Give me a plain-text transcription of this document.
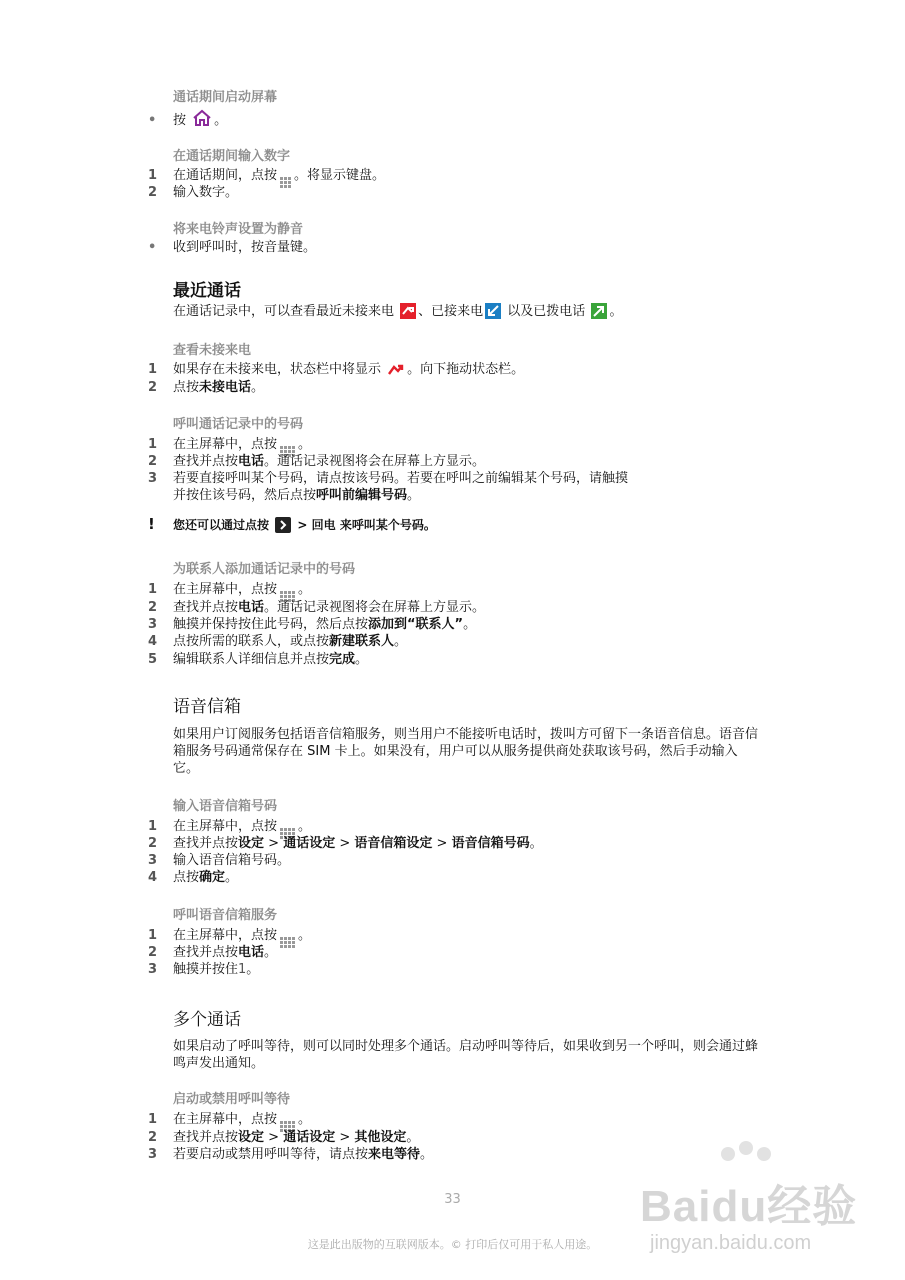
通话期间启动屏幕
• 按 。
在通话期间输入数字
1 在通话期间，点按 。将显示键盘。
2 输入数字。
将来电铃声设置为静音
• 收到呼叫时，按音量键。
最近通话
在通话记录中，可以查看最近未接来电 、已接来电 以及已拨电话 。
查看未接来电
1 如果存在未接来电，状态栏中将显示 。向下拖动状态栏。
2 点按未接电话。
呼叫通话记录中的号码
1 在主屏幕中，点按 。
2 查找并点按电话。通话记录视图将会在屏幕上方显示。
3 若要直接呼叫某个号码，请点按该号码。若要在呼叫之前编辑某个号码，请触摸
并按住该号码，然后点按呼叫前编辑号码。
! 您还可以通过点按  > 回电 来呼叫某个号码。
为联系人添加通话记录中的号码
1 在主屏幕中，点按 。
2 查找并点按电话。通话记录视图将会在屏幕上方显示。
3 触摸并保持按住此号码，然后点按添加到“联系人”。
4 点按所需的联系人，或点按新建联系人。
5 编辑联系人详细信息并点按完成。
语音信箱
如果用户订阅服务包括语音信箱服务，则当用户不能接听电话时，拨叫方可留下一条语音信息。语音信箱服务号码通常保存在 SIM 卡上。如果没有，用户可以从服务提供商处获取该号码，然后手动输入它。
输入语音信箱号码
1 在主屏幕中，点按 。
2 查找并点按设定 > 通话设定 > 语音信箱设定 > 语音信箱号码。
3 输入语音信箱号码。
4 点按确定。
呼叫语音信箱服务
1 在主屏幕中，点按 。
2 查找并点按电话。
3 触摸并按住1。
多个通话
如果启动了呼叫等待，则可以同时处理多个通话。启动呼叫等待后，如果收到另一个呼叫，则会通过蜂鸣声发出通知。
启动或禁用呼叫等待
1 在主屏幕中，点按 。
2 查找并点按设定 > 通话设定 > 其他设定。
3 若要启动或禁用呼叫等待，请点按来电等待。
Baidu经验
jingyan.baidu.com
33
这是此出版物的互联网版本。© 打印后仅可用于私人用途。
